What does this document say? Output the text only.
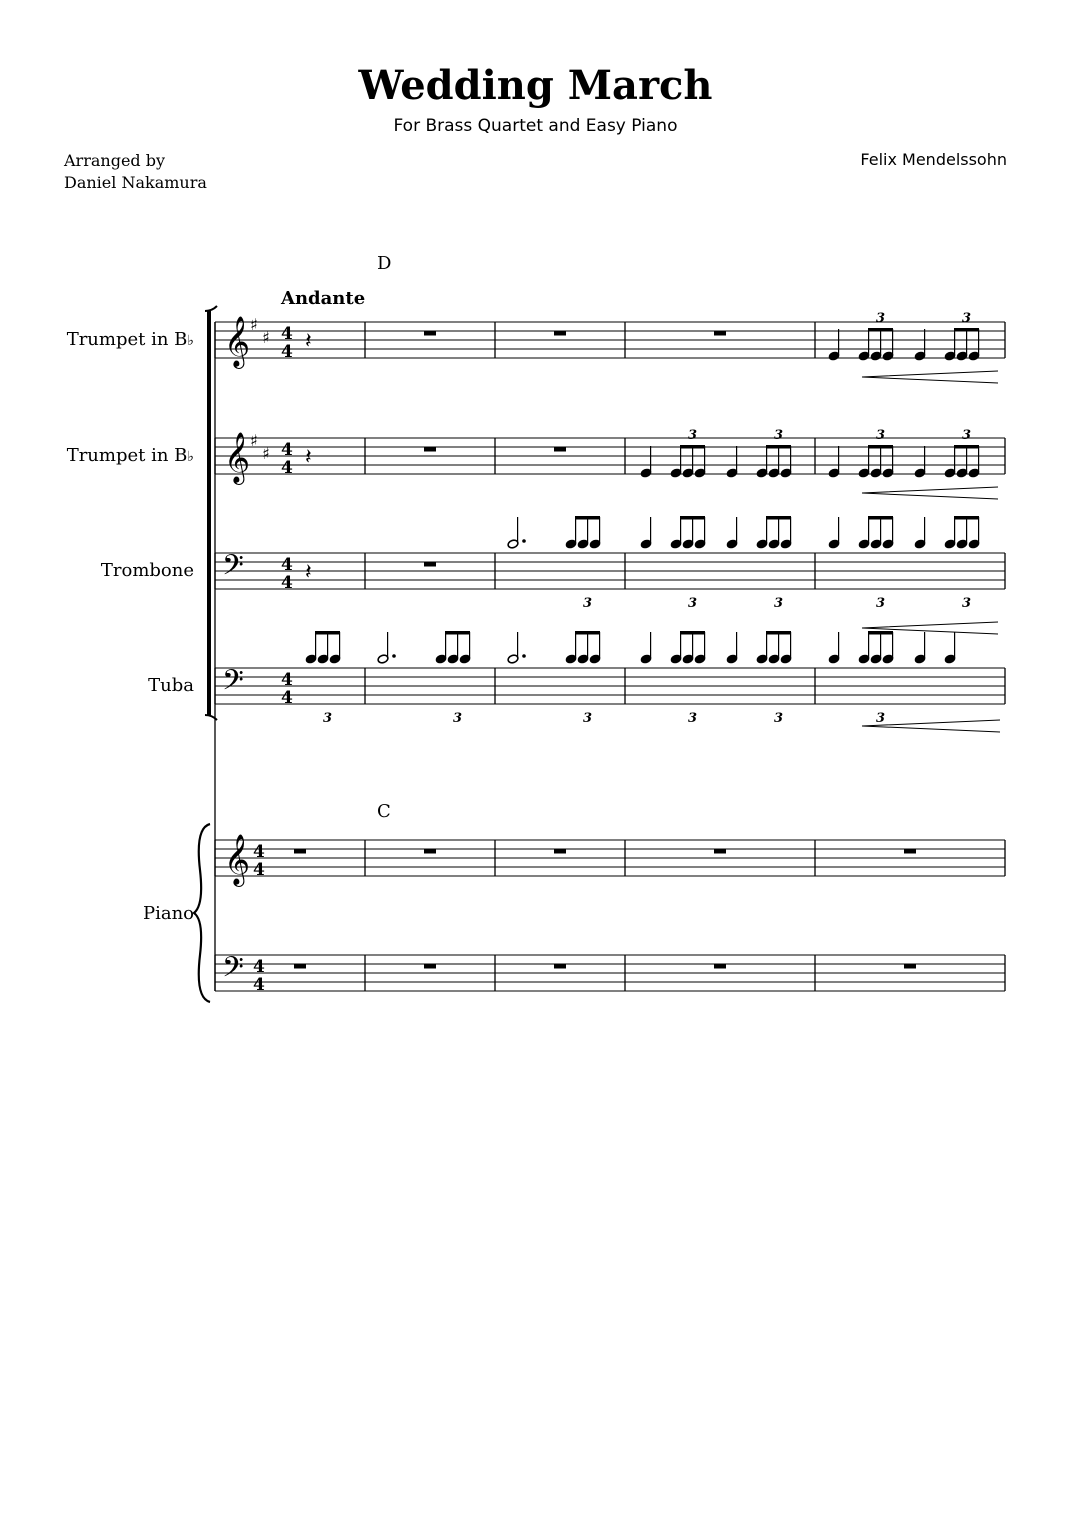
Wedding March
For Brass Quartet and Easy Piano
Arranged by
Daniel Nakamura
Felix Mendelssohn
D
C
Andante
Trumpet in B♭
Trumpet in B♭
Trombone
Tuba
Piano
𝄞 ♯
♯ 4
4
𝄞 ♯
♯ 4
4
𝄢 4
4
𝄢 4
4
𝄽
3	3
𝄽
3	3	3	3
𝄽
3	3	3	3	3
3	3	3	3	3	3
𝄞 4
4
𝄢 4
4
